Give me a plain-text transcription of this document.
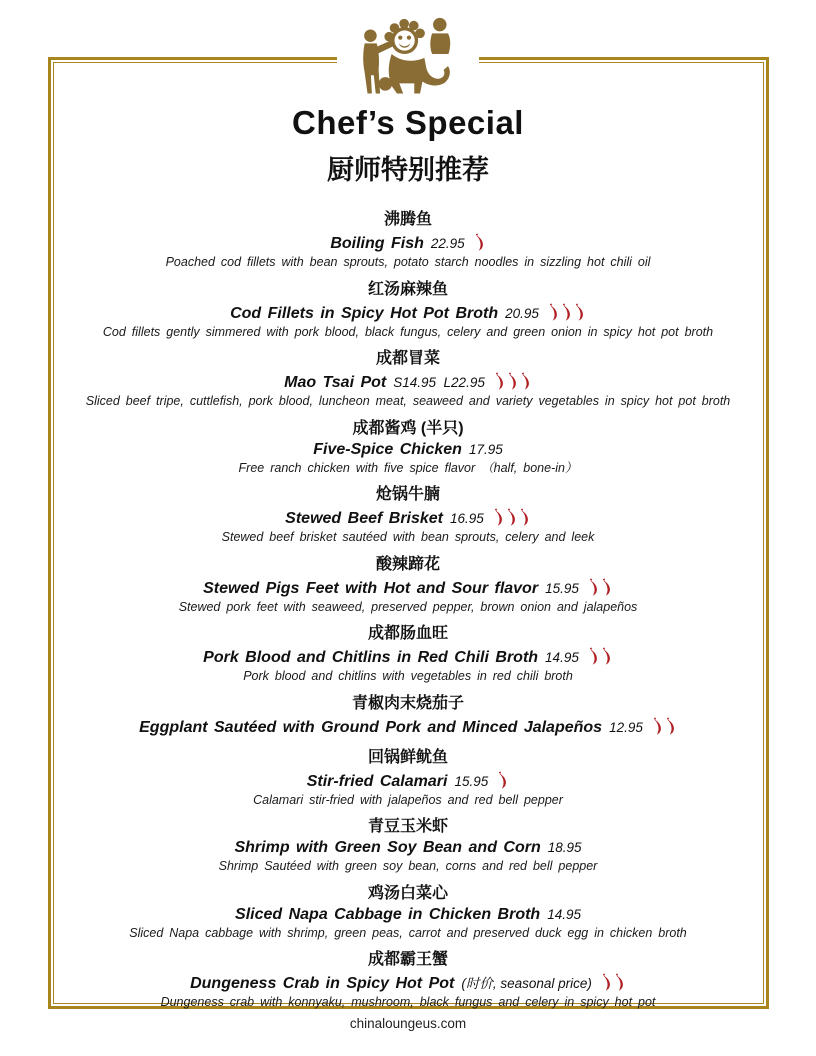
Chef’s Special
厨师特别推荐
沸腾鱼
Boiling Fish 22.95
Poached cod fillets with bean sprouts, potato starch noodles in sizzling hot chili oil
红汤麻辣鱼
Cod Fillets in Spicy Hot Pot Broth 20.95
Cod fillets gently simmered with pork blood, black fungus, celery and green onion in spicy hot pot broth
成都冒菜
Mao Tsai Pot S14.95  L22.95
Sliced beef tripe, cuttlefish, pork blood, luncheon meat, seaweed and variety vegetables in spicy hot pot broth
成都酱鸡 (半只)
Five-Spice Chicken 17.95
Free ranch chicken with five spice flavor （half, bone-in）
炝锅牛腩
Stewed Beef Brisket 16.95
Stewed beef brisket sautéed with bean sprouts, celery and leek
酸辣蹄花
Stewed Pigs Feet with Hot and Sour flavor 15.95
Stewed pork feet with seaweed, preserved pepper, brown onion and jalapeños
成都肠血旺
Pork Blood and Chitlins in Red Chili Broth 14.95
Pork blood and chitlins with vegetables in red chili broth
青椒肉末烧茄子
Eggplant Sautéed with Ground Pork and Minced Jalapeños 12.95
回锅鲜鱿鱼
Stir-fried Calamari 15.95
Calamari stir-fried with jalapeños and red bell pepper
青豆玉米虾
Shrimp with Green Soy Bean and Corn 18.95
Shrimp Sautéed with green soy bean, corns and red bell pepper
鸡汤白菜心
Sliced Napa Cabbage in Chicken Broth 14.95
Sliced Napa cabbage with shrimp, green peas, carrot and preserved duck egg in chicken broth
成都霸王蟹
Dungeness Crab in Spicy Hot Pot (时价, seasonal price)
Dungeness crab with konnyaku, mushroom, black fungus and celery in spicy hot pot
chinaloungeus.com
